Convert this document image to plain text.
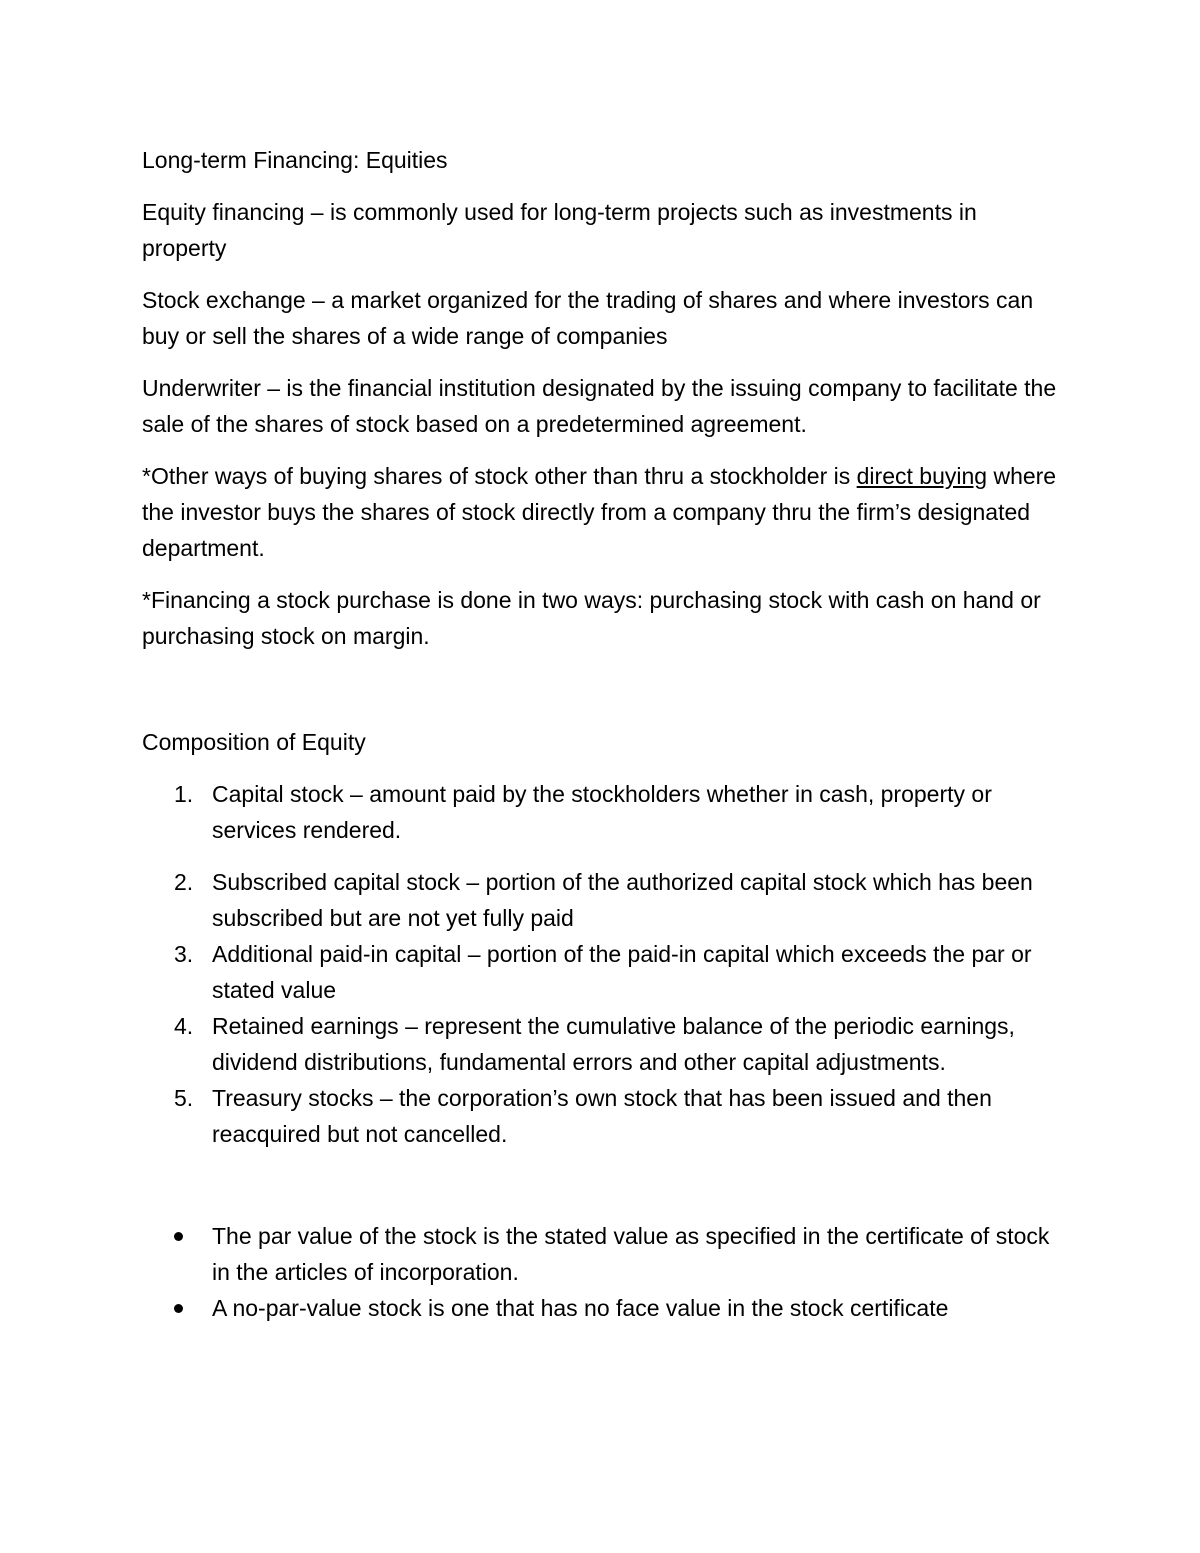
Long-term Financing: Equities

Equity financing – is commonly used for long-term projects such as investments in property

Stock exchange – a market organized for the trading of shares and where investors can buy or sell the shares of a wide range of companies

Underwriter – is the financial institution designated by the issuing company to facilitate the sale of the shares of stock based on a predetermined agreement.

*Other ways of buying shares of stock other than thru a stockholder is direct buying where the investor buys the shares of stock directly from a company thru the firm’s designated department.

*Financing a stock purchase is done in two ways: purchasing stock with cash on hand or purchasing stock on margin.

Composition of Equity

1. Capital stock – amount paid by the stockholders whether in cash, property or services rendered.
2. Subscribed capital stock – portion of the authorized capital stock which has been subscribed but are not yet fully paid
3. Additional paid-in capital – portion of the paid-in capital which exceeds the par or stated value
4. Retained earnings – represent the cumulative balance of the periodic earnings, dividend distributions, fundamental errors and other capital adjustments.
5. Treasury stocks – the corporation’s own stock that has been issued and then reacquired but not cancelled.
The par value of the stock is the stated value as specified in the certificate of stock in the articles of incorporation.
A no-par-value stock is one that has no face value in the stock certificate
